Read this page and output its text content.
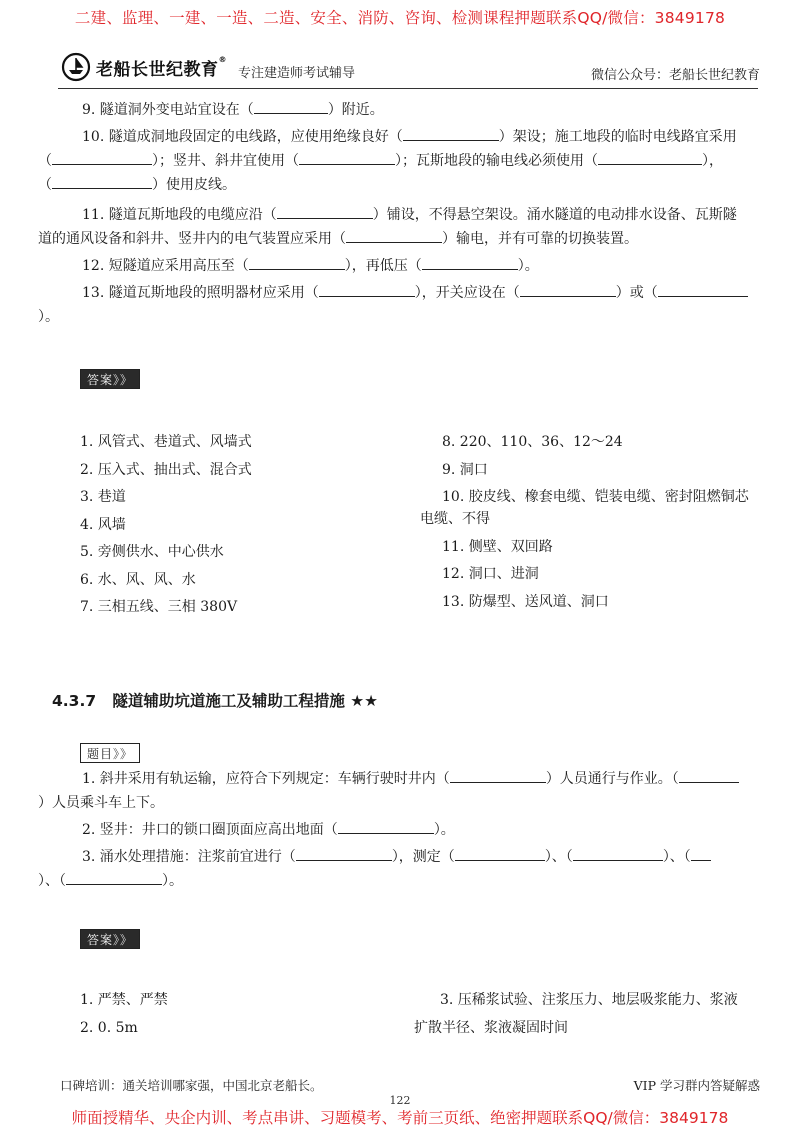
二建、监理、一建、一造、二造、安全、消防、咨询、检测课程押题联系QQ/微信：3849178
老船长世纪教育®
专注建造师考试辅导	微信公众号：老船长世纪教育
9. 隧道洞外变电站宜设在（	）附近。
10. 隧道成洞地段固定的电线路，应使用绝缘良好（	）架设；施工地段的临时电线路宜采用
（	）；竖井、斜井宜使用（	）；瓦斯地段的输电线必须使用（	），
（	）使用皮线。
11. 隧道瓦斯地段的电缆应沿（	）铺设，不得悬空架设。涌水隧道的电动排水设备、瓦斯隧
道的通风设备和斜井、竖井内的电气装置应采用（	）输电，并有可靠的切换装置。
12. 短隧道应采用高压至（	），再低压（	）。
13. 隧道瓦斯地段的照明器材应采用（	），开关应设在（	）或（
）。
答案》》
1. 风管式、巷道式、风墙式
2. 压入式、抽出式、混合式
3. 巷道
4. 风墙
5. 旁侧供水、中心供水
6. 水、风、风、水
7. 三相五线、三相 380V
8. 220、110、36、12～24
9. 洞口
10. 胶皮线、橡套电缆、铠装电缆、密封阻燃铜芯
电缆、不得
11. 侧壁、双回路
12. 洞口、进洞
13. 防爆型、送风道、洞口
4.3.7 隧道辅助坑道施工及辅助工程措施 ★★
题目》》
1. 斜井采用有轨运输，应符合下列规定：车辆行驶时井内（	）人员通行与作业。（
）人员乘斗车上下。
2. 竖井：井口的锁口圈顶面应高出地面（	）。
3. 涌水处理措施：注浆前宜进行（	），测定（	）、（	）、（
）、（	）。
答案》》
1. 严禁、严禁
2. 0. 5m
3. 压稀浆试验、注浆压力、地层吸浆能力、浆液
扩散半径、浆液凝固时间
口碑培训：通关培训哪家强，中国北京老船长。	VIP 学习群内答疑解惑
122
师面授精华、央企内训、考点串讲、习题模考、考前三页纸、绝密押题联系QQ/微信：3849178
